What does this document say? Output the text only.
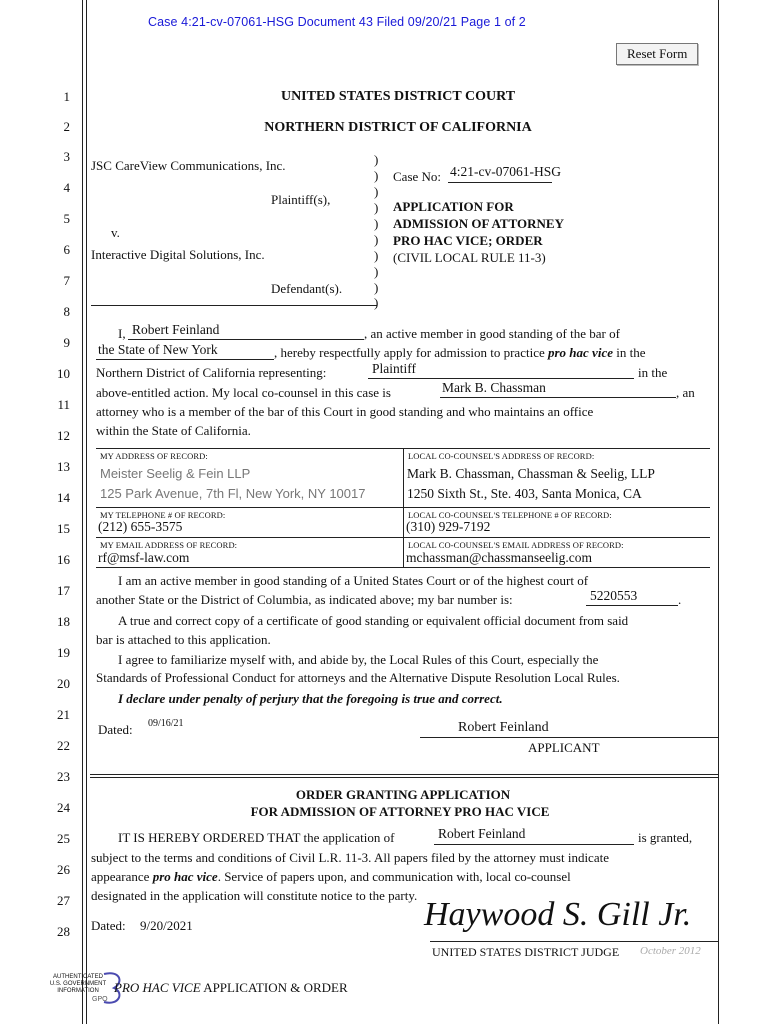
Case 4:21-cv-07061-HSG Document 43 Filed 09/20/21 Page 1 of 2
Reset Form
1
2
3
4
5
6
7
8
9
10
11
12
13
14
15
16
17
18
19
20
21
22
23
24
25
26
27
28
UNITED STATES DISTRICT COURT
NORTHERN DISTRICT OF CALIFORNIA
JSC CareView Communications, Inc.
Plaintiff(s),
v.
Interactive Digital Solutions, Inc.
Defendant(s).
)
)
)
)
)
)
)
)
)
)
Case No: 4:21-cv-07061-HSG
APPLICATION FOR
ADMISSION OF ATTORNEY
PRO HAC VICE; ORDER
(CIVIL LOCAL RULE 11-3)
I, Robert Feinland	, an active member in good standing of the bar of
the State of New York	, hereby respectfully apply for admission to practice pro hac vice in the
Northern District of California representing:	Plaintiff	in the
above-entitled action. My local co-counsel in this case is	Mark B. Chassman	, an
attorney who is a member of the bar of this Court in good standing and who maintains an office
within the State of California.
MY ADDRESS OF RECORD:
Meister Seelig & Fein LLP
125 Park Avenue, 7th Fl, New York, NY 10017
LOCAL CO-COUNSEL'S ADDRESS OF RECORD:
Mark B. Chassman, Chassman & Seelig, LLP
1250 Sixth St., Ste. 403, Santa Monica, CA
MY TELEPHONE # OF RECORD:
(212) 655-3575
LOCAL CO-COUNSEL'S TELEPHONE # OF RECORD:
(310) 929-7192
MY EMAIL ADDRESS OF RECORD:
rf@msf-law.com
LOCAL CO-COUNSEL'S EMAIL ADDRESS OF RECORD:
mchassman@chassmanseelig.com
I am an active member in good standing of a United States Court or of the highest court of
another State or the District of Columbia, as indicated above; my bar number is:	5220553	.
A true and correct copy of a certificate of good standing or equivalent official document from said
bar is attached to this application.
I agree to familiarize myself with, and abide by, the Local Rules of this Court, especially the
Standards of Professional Conduct for attorneys and the Alternative Dispute Resolution Local Rules.
I declare under penalty of perjury that the foregoing is true and correct.
Dated: 09/16/21	Robert Feinland
APPLICANT
ORDER GRANTING APPLICATION
FOR ADMISSION OF ATTORNEY PRO HAC VICE
IT IS HEREBY ORDERED THAT the application of	Robert Feinland	is granted,
subject to the terms and conditions of Civil L.R. 11-3. All papers filed by the attorney must indicate
appearance pro hac vice. Service of papers upon, and communication with, local co-counsel
designated in the application will constitute notice to the party.
Dated: 9/20/2021	Haywood S. Gill Jr.
UNITED STATES DISTRICT JUDGE October 2012
AUTHENTICATED
U.S. GOVERNMENT
INFORMATION
GPO
PRO HAC VICE APPLICATION & ORDER
